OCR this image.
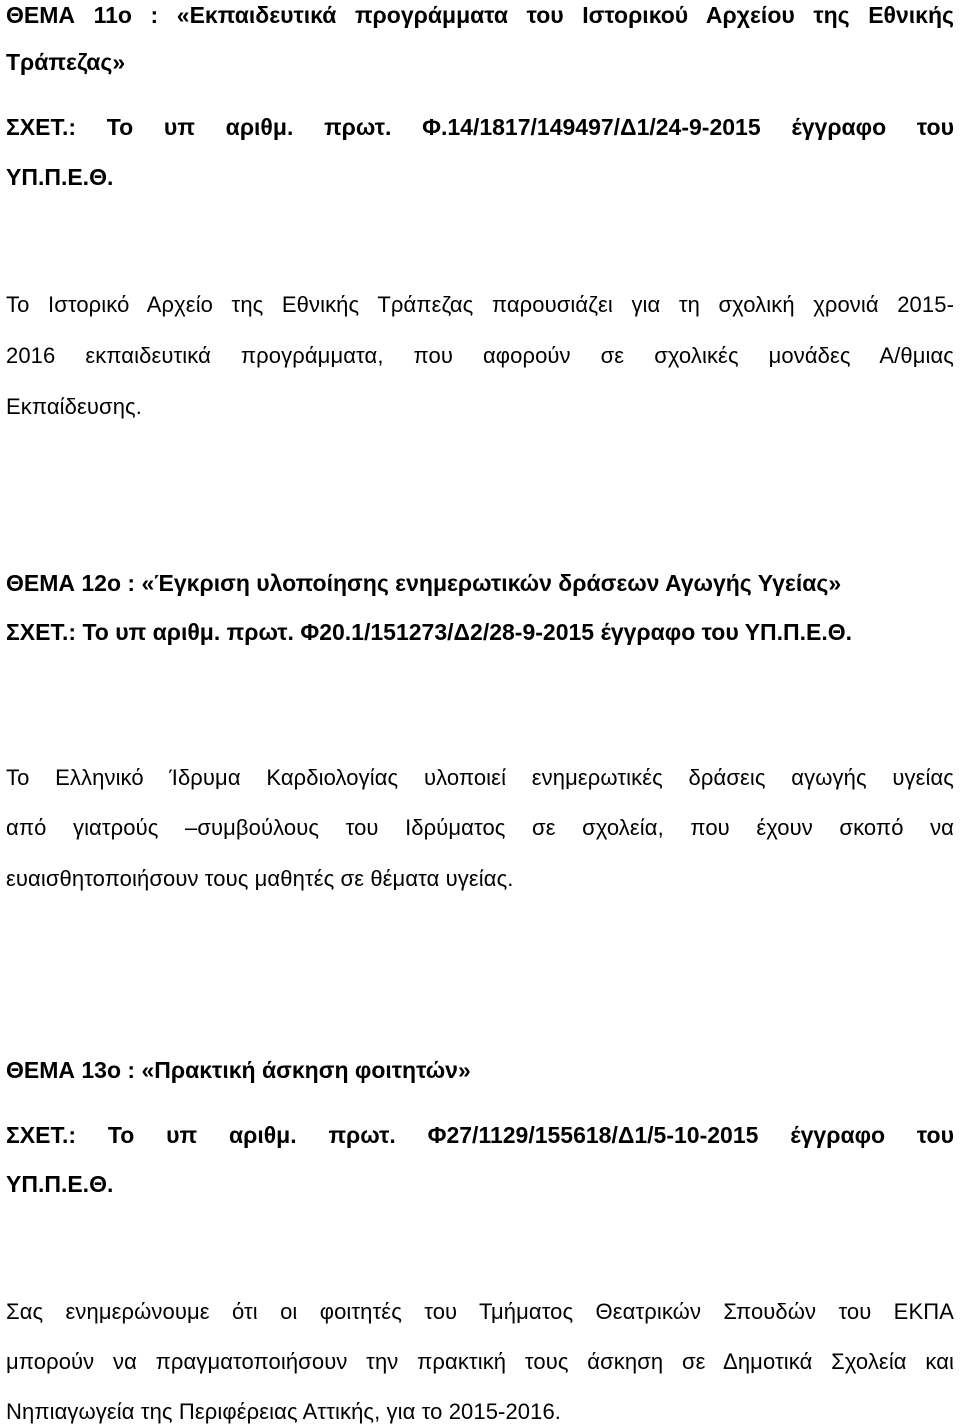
ΘΕΜΑ 11ο : «Εκπαιδευτικά προγράμματα του Ιστορικού Αρχείου της Εθνικής
Τράπεζας»
ΣΧΕΤ.: Το υπ αριθμ. πρωτ. Φ.14/1817/149497/Δ1/24-9-2015 έγγραφο του
ΥΠ.Π.Ε.Θ.
Το Ιστορικό Αρχείο της Εθνικής Τράπεζας παρουσιάζει για τη σχολική χρονιά 2015-
2016 εκπαιδευτικά προγράμματα, που αφορούν σε σχολικές μονάδες Α/θμιας
Εκπαίδευσης.
ΘΕΜΑ 12ο : «Έγκριση υλοποίησης ενημερωτικών δράσεων Αγωγής Υγείας»
ΣΧΕΤ.: Το υπ αριθμ. πρωτ. Φ20.1/151273/Δ2/28-9-2015 έγγραφο του ΥΠ.Π.Ε.Θ.
Το Ελληνικό Ίδρυμα Καρδιολογίας υλοποιεί ενημερωτικές δράσεις αγωγής υγείας
από γιατρούς –συμβούλους του Ιδρύματος σε σχολεία, που έχουν σκοπό να
ευαισθητοποιήσουν τους μαθητές σε θέματα υγείας.
ΘΕΜΑ 13ο : «Πρακτική άσκηση φοιτητών»
ΣΧΕΤ.: Το υπ αριθμ. πρωτ. Φ27/1129/155618/Δ1/5-10-2015 έγγραφο του
ΥΠ.Π.Ε.Θ.
Σας ενημερώνουμε ότι οι φοιτητές του Τμήματος Θεατρικών Σπουδών του ΕΚΠΑ
μπορούν να πραγματοποιήσουν την πρακτική τους άσκηση σε Δημοτικά Σχολεία και
Νηπιαγωγεία της Περιφέρειας Αττικής, για το 2015-2016.
